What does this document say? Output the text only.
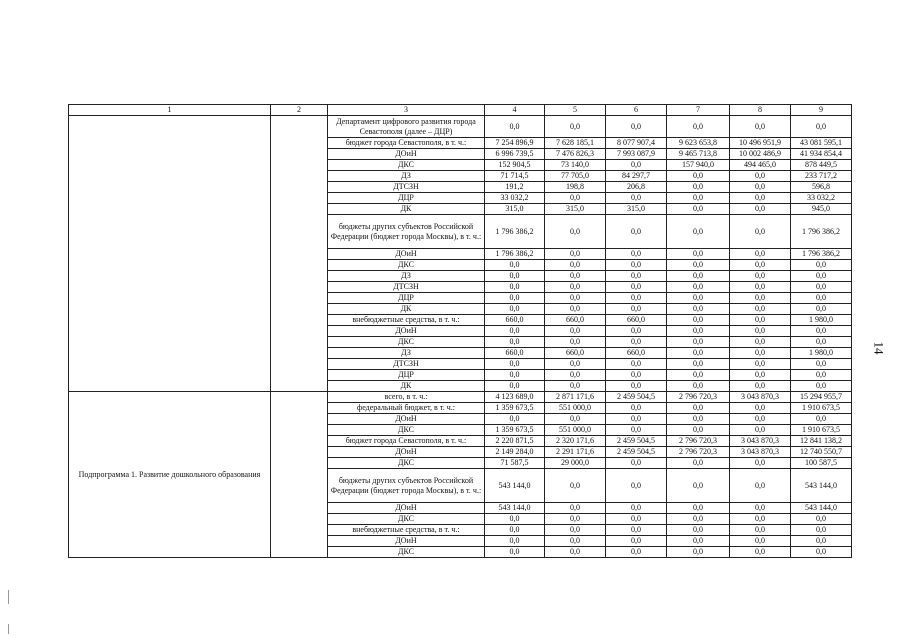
1	2	3	4	5	6	7	8	9
		Департамент цифрового развития города Севастополя (далее – ДЦР)	0,0	0,0	0,0	0,0	0,0	0,0
		бюджет города Севастополя, в т. ч.:	7 254 896,9	7 628 185,1	8 077 907,4	9 623 653,8	10 496 951,9	43 081 595,1
		ДОиН	6 996 739,5	7 476 826,3	7 993 087,9	9 465 713,8	10 002 486,9	41 934 854,4
		ДКС	152 904,5	73 140,0	0,0	157 940,0	494 465,0	878 449,5
		ДЗ	71 714,5	77 705,0	84 297,7	0,0	0,0	233 717,2
		ДТСЗН	191,2	198,8	206,8	0,0	0,0	596,8
		ДЦР	33 032,2	0,0	0,0	0,0	0,0	33 032,2
		ДК	315,0	315,0	315,0	0,0	0,0	945,0
		бюджеты других субъектов Российской Федерации (бюджет города Москвы), в т. ч.:	1 796 386,2	0,0	0,0	0,0	0,0	1 796 386,2
		ДОиН	1 796 386,2	0,0	0,0	0,0	0,0	1 796 386,2
		ДКС	0,0	0,0	0,0	0,0	0,0	0,0
		ДЗ	0,0	0,0	0,0	0,0	0,0	0,0
		ДТСЗН	0,0	0,0	0,0	0,0	0,0	0,0
		ДЦР	0,0	0,0	0,0	0,0	0,0	0,0
		ДК	0,0	0,0	0,0	0,0	0,0	0,0
		внебюджетные средства, в т. ч.:	660,0	660,0	660,0	0,0	0,0	1 980,0
		ДОиН	0,0	0,0	0,0	0,0	0,0	0,0
		ДКС	0,0	0,0	0,0	0,0	0,0	0,0
		ДЗ	660,0	660,0	660,0	0,0	0,0	1 980,0
		ДТСЗН	0,0	0,0	0,0	0,0	0,0	0,0
		ДЦР	0,0	0,0	0,0	0,0	0,0	0,0
		ДК	0,0	0,0	0,0	0,0	0,0	0,0
Подпрограмма 1. Развитие дошкольного образования		всего, в т. ч.:	4 123 689,0	2 871 171,6	2 459 504,5	2 796 720,3	3 043 870,3	15 294 955,7
		федеральный бюджет, в т. ч.:	1 359 673,5	551 000,0	0,0	0,0	0,0	1 910 673,5
		ДОиН	0,0	0,0	0,0	0,0	0,0	0,0
		ДКС	1 359 673,5	551 000,0	0,0	0,0	0,0	1 910 673,5
		бюджет города Севастополя, в т. ч.:	2 220 871,5	2 320 171,6	2 459 504,5	2 796 720,3	3 043 870,3	12 841 138,2
		ДОиН	2 149 284,0	2 291 171,6	2 459 504,5	2 796 720,3	3 043 870,3	12 740 550,7
		ДКС	71 587,5	29 000,0	0,0	0,0	0,0	100 587,5
		бюджеты других субъектов Российской Федерации (бюджет города Москвы), в т. ч.:	543 144,0	0,0	0,0	0,0	0,0	543 144,0
		ДОиН	543 144,0	0,0	0,0	0,0	0,0	543 144,0
		ДКС	0,0	0,0	0,0	0,0	0,0	0,0
		внебюджетные средства, в т. ч.:	0,0	0,0	0,0	0,0	0,0	0,0
		ДОиН	0,0	0,0	0,0	0,0	0,0	0,0
		ДКС	0,0	0,0	0,0	0,0	0,0	0,0
14
